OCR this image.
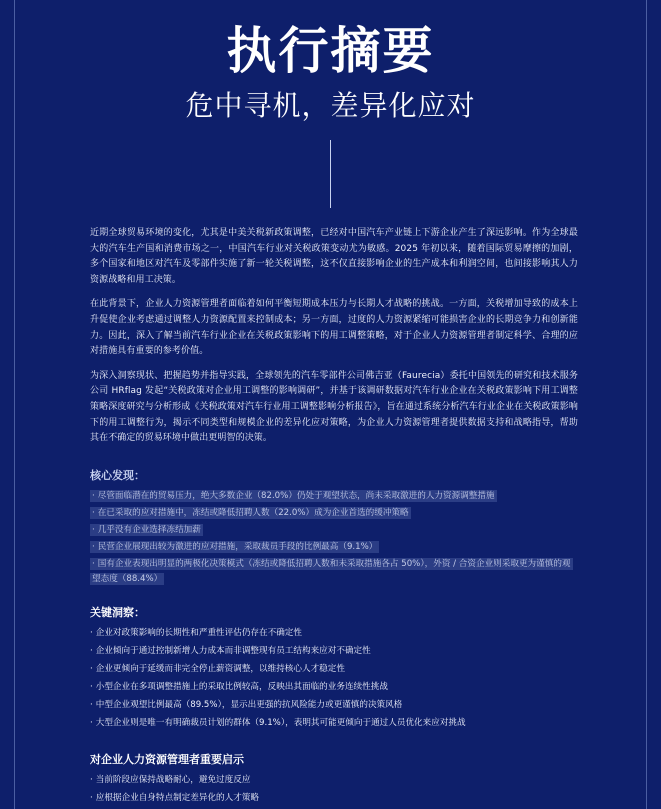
执行摘要
危中寻机，差异化应对

近期全球贸易环境的变化，尤其是中美关税新政策调整，已经对中国汽车产业链上下游企业产生了深远影响。作为全球最大的汽车生产国和消费市场之一，中国汽车行业对关税政策变动尤为敏感。2025 年初以来，随着国际贸易摩擦的加剧，多个国家和地区对汽车及零部件实施了新一轮关税调整，这不仅直接影响企业的生产成本和利润空间，也间接影响其人力资源战略和用工决策。

在此背景下，企业人力资源管理者面临着如何平衡短期成本压力与长期人才战略的挑战。一方面，关税增加导致的成本上升促使企业考虑通过调整人力资源配置来控制成本；另一方面，过度的人力资源紧缩可能损害企业的长期竞争力和创新能力。因此，深入了解当前汽车行业企业在关税政策影响下的用工调整策略，对于企业人力资源管理者制定科学、合理的应对措施具有重要的参考价值。

为深入洞察现状、把握趋势并指导实践，全球领先的汽车零部件公司佛吉亚（Faurecia）委托中国领先的研究和技术服务公司 HRflag 发起“关税政策对企业用工调整的影响调研”，并基于该调研数据对汽车行业企业在关税政策影响下用工调整策略深度研究与分析形成《关税政策对汽车行业用工调整影响分析报告》，旨在通过系统分析汽车行业企业在关税政策影响下的用工调整行为，揭示不同类型和规模企业的差异化应对策略，为企业人力资源管理者提供数据支持和战略指导，帮助其在不确定的贸易环境中做出更明智的决策。

核心发现：
· 尽管面临潜在的贸易压力，绝大多数企业（82.0%）仍处于观望状态，尚未采取激进的人力资源调整措施
· 在已采取的应对措施中，冻结或降低招聘人数（22.0%）成为企业首选的缓冲策略
· 几乎没有企业选择冻结加薪
· 民营企业展现出较为激进的应对措施，采取裁员手段的比例最高（9.1%）
· 国有企业表现出明显的两极化决策模式（冻结或降低招聘人数和未采取措施各占 50%），外资 / 合资企业则采取更为谨慎的观望态度（88.4%）
关键洞察：
· 企业对政策影响的长期性和严重性评估仍存在不确定性
· 企业倾向于通过控制新增人力成本而非调整现有员工结构来应对不确定性
· 企业更倾向于延缓而非完全停止薪资调整，以维持核心人才稳定性
· 小型企业在多项调整措施上的采取比例较高，反映出其面临的业务连续性挑战
· 中型企业观望比例最高（89.5%），显示出更强的抗风险能力或更谨慎的决策风格
· 大型企业则是唯一有明确裁员计划的群体（9.1%），表明其可能更倾向于通过人员优化来应对挑战
对企业人力资源管理者重要启示
· 当前阶段应保持战略耐心，避免过度反应
· 应根据企业自身特点制定差异化的人才策略
